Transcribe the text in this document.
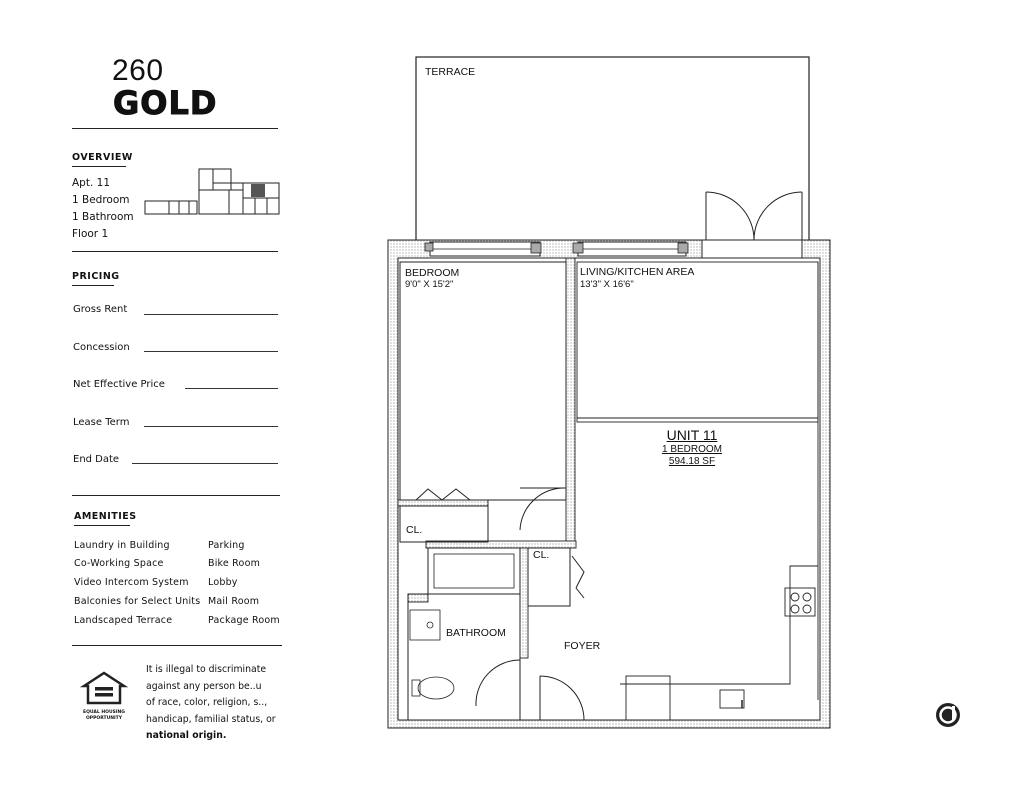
260
GOLD
OVERVIEW
Apt. 11
1 Bedroom
1 Bathroom
Floor 1
PRICING
Gross Rent
Concession
Net Effective Price
Lease Term
End Date
AMENITIES
Laundry in Building
Co-Working Space
Video Intercom System
Balconies for Select Units
Landscaped Terrace
Parking
Bike Room
Lobby
Mail Room
Package Room
EQUAL HOUSING
OPPORTUNITY
It is illegal to discriminate
against any person be..u
of race, color, religion, s..,
handicap, familial status, or
national origin.
TERRACE
BEDROOM
9'0" X 15'2"
LIVING/KITCHEN AREA
13'3" X 16'6"
UNIT 11
1 BEDROOM
594.18 SF
CL.
CL.
BATHROOM
FOYER
